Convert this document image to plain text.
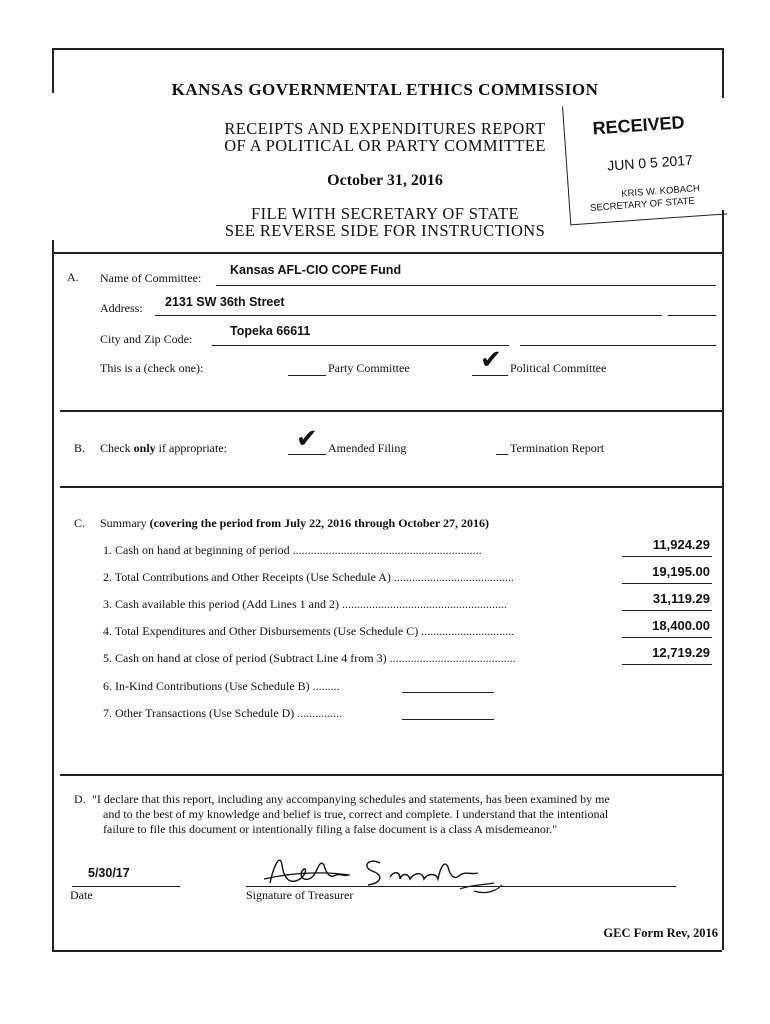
KANSAS GOVERNMENTAL ETHICS COMMISSION
RECEIPTS AND EXPENDITURES REPORT
OF A POLITICAL OR PARTY COMMITTEE
October 31, 2016
FILE WITH SECRETARY OF STATE
SEE REVERSE SIDE FOR INSTRUCTIONS
RECEIVED
JUN 0 5 2017
KRIS W. KOBACH
SECRETARY OF STATE
A. Name of Committee:
Kansas AFL-CIO COPE Fund
Address: 2131 SW 36th Street
City and Zip Code:
Topeka 66611
This is a (check one):	Party Committee	✔ Political Committee
B. Check only if appropriate:	✔ Amended Filing	Termination Report
C. Summary (covering the period from July 22, 2016 through October 27, 2016)
1. Cash on hand at beginning of period ...............................................................	11,924.29
2. Total Contributions and Other Receipts (Use Schedule A) ........................................	19,195.00
3. Cash available this period (Add Lines 1 and 2) .......................................................	31,119.29
4. Total Expenditures and Other Disbursements (Use Schedule C) ...............................	18,400.00
5. Cash on hand at close of period (Subtract Line 4 from 3) ..........................................	12,719.29
6. In-Kind Contributions (Use Schedule B) .........
7. Other Transactions (Use Schedule D) ...............
D. "I declare that this report, including any accompanying schedules and statements, has been examined by me
and to the best of my knowledge and belief is true, correct and complete. I understand that the intentional
failure to file this document or intentionally filing a false document is a class A misdemeanor."
5/30/17
Date	Signature of Treasurer
GEC Form Rev, 2016
